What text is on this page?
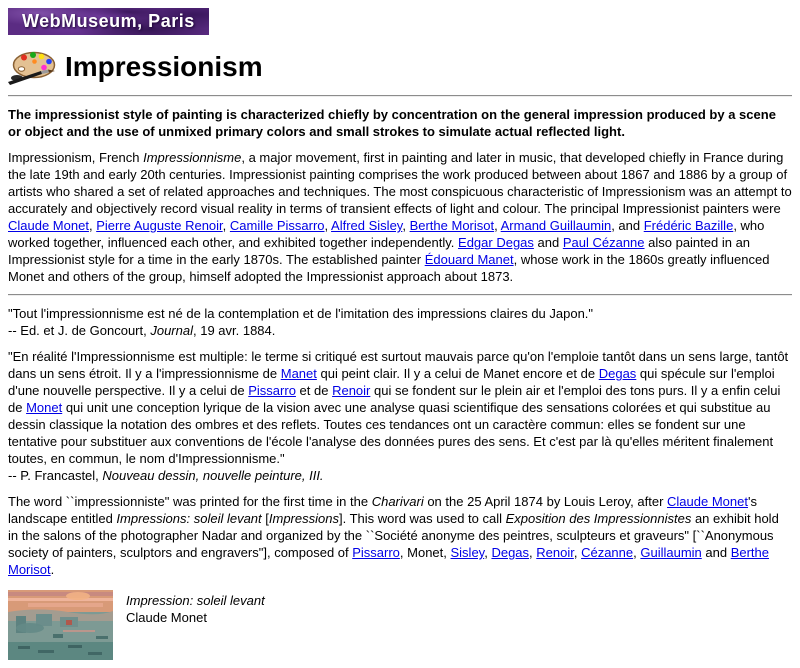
WebMuseum, Paris
Impressionism

The impressionist style of painting is characterized chiefly by concentration on the general impression produced by a scene or object and the use of unmixed primary colors and small strokes to simulate actual reflected light.

Impressionism, French Impressionnisme, a major movement, first in painting and later in music, that developed chiefly in France during the late 19th and early 20th centuries. Impressionist painting comprises the work produced between about 1867 and 1886 by a group of artists who shared a set of related approaches and techniques. The most conspicuous characteristic of Impressionism was an attempt to accurately and objectively record visual reality in terms of transient effects of light and colour. The principal Impressionist painters were Claude Monet, Pierre Auguste Renoir, Camille Pissarro, Alfred Sisley, Berthe Morisot, Armand Guillaumin, and Frédéric Bazille, who worked together, influenced each other, and exhibited together independently. Edgar Degas and Paul Cézanne also painted in an Impressionist style for a time in the early 1870s. The established painter Édouard Manet, whose work in the 1860s greatly influenced Monet and others of the group, himself adopted the Impressionist approach about 1873.

"Tout l'impressionnisme est né de la contemplation et de l'imitation des impressions claires du Japon."
-- Ed. et J. de Goncourt, Journal, 19 avr. 1884.

"En réalité l'Impressionnisme est multiple: le terme si critiqué est surtout mauvais parce qu'on l'emploie tantôt dans un sens large, tantôt dans un sens étroit. Il y a l'impressionnisme de Manet qui peint clair. Il y a celui de Manet encore et de Degas qui spécule sur l'emploi d'une nouvelle perspective. Il y a celui de Pissarro et de Renoir qui se fondent sur le plein air et l'emploi des tons purs. Il y a enfin celui de Monet qui unit une conception lyrique de la vision avec une analyse quasi scientifique des sensations colorées et qui substitue au dessin classique la notation des ombres et des reflets. Toutes ces tendances ont un caractère commun: elles se fondent sur une tentative pour substituer aux conventions de l'école l'analyse des données pures des sens. Et c'est par là qu'elles méritent finalement toutes, en commun, le nom d'Impressionnisme."
-- P. Francastel, Nouveau dessin, nouvelle peinture, III.

The word ``impressionniste" was printed for the first time in the Charivari on the 25 April 1874 by Louis Leroy, after Claude Monet's landscape entitled Impressions: soleil levant [Impressions]. This word was used to call Exposition des Impressionnistes an exhibit hold in the salons of the photographer Nadar and organized by the ``Société anonyme des peintres, sculpteurs et graveurs" [``Anonymous society of painters, sculptors and engravers"], composed of Pissarro, Monet, Sisley, Degas, Renoir, Cézanne, Guillaumin and Berthe Morisot.

Impression: soleil levant
Claude Monet
